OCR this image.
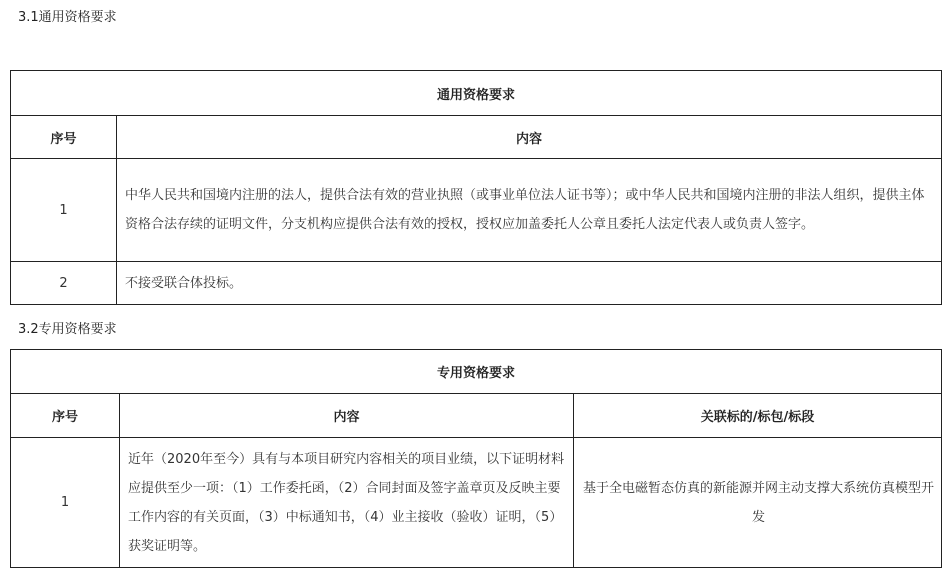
3.1通用资格要求
通用资格要求	
序号	内容
1	中华人民共和国境内注册的法人，提供合法有效的营业执照（或事业单位法人证书等）；或中华人民共和国境内注册的非法人组织，提供主体资格合法存续的证明文件，分支机构应提供合法有效的授权，授权应加盖委托人公章且委托人法定代表人或负责人签字。
2	不接受联合体投标。
3.2专用资格要求
专用资格要求		
序号	内容	关联标的/标包/标段
1	近年（2020年至今）具有与本项目研究内容相关的项目业绩，以下证明材料应提供至少一项：（1）工作委托函，（2）合同封面及签字盖章页及反映主要工作内容的有关页面，（3）中标通知书，（4）业主接收（验收）证明，（5）获奖证明等。	基于全电磁暂态仿真的新能源并网主动支撑大系统仿真模型开发
